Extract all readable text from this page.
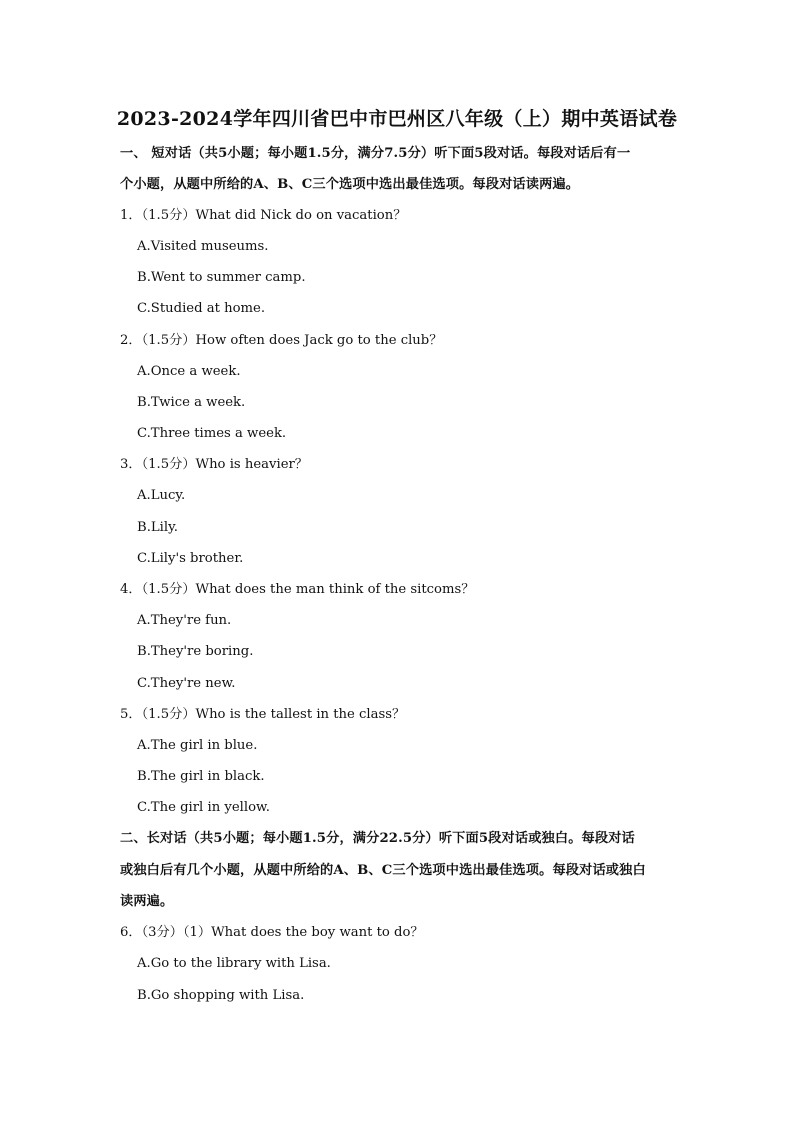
2023-2024学年四川省巴中市巴州区八年级（上）期中英语试卷
一、 短对话（共5小题；每小题1.5分，满分7.5分）听下面5段对话。每段对话后有一
个小题，从题中所给的A、B、C三个选项中选出最佳选项。每段对话读两遍。
1．（1.5分）What did Nick do on vacation？
A.Visited museums.
B.Went to summer camp.
C.Studied at home.
2．（1.5分）How often does Jack go to the club？
A.Once a week.
B.Twice a week.
C.Three times a week.
3．（1.5分）Who is heavier？
A.Lucy.
B.Lily.
C.Lily's brother.
4．（1.5分）What does the man think of the sitcoms？
A.They're fun.
B.They're boring.
C.They're new.
5．（1.5分）Who is the tallest in the class？
A.The girl in blue.
B.The girl in black.
C.The girl in yellow.
二、长对话（共5小题；每小题1.5分，满分22.5分）听下面5段对话或独白。每段对话
或独白后有几个小题，从题中所给的A、B、C三个选项中选出最佳选项。每段对话或独白
读两遍。
6．（3分）（1）What does the boy want to do？
A.Go to the library with Lisa.
B.Go shopping with Lisa.
